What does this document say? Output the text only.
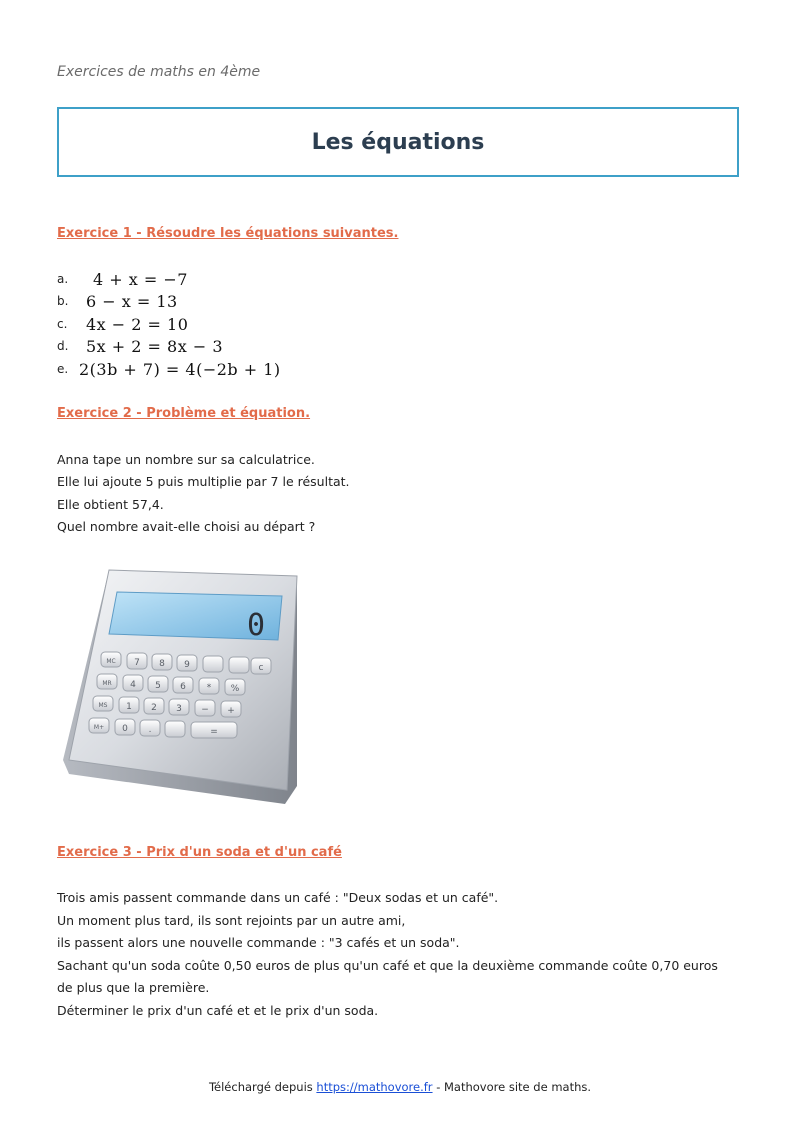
Exercices de maths en 4ème
Les équations
Exercice 1 - Résoudre les équations suivantes.
a.	4 + x = −7
b.	6 − x = 13
c.	4x − 2 = 10
d.	5x + 2 = 8x − 3
e. 2(3b + 7) = 4(−2b + 1)
Exercice 2 - Problème et équation.
Anna tape un nombre sur sa calculatrice.
Elle lui ajoute 5 puis multiplie par 7 le résultat.
Elle obtient 57,4.
Quel nombre avait-elle choisi au départ ?
0
MC 7 8 9
MR 4 5 6 * %
MS 1 2 3 −
M+ 0 .	=
+
c
Exercice 3 - Prix d'un soda et d'un café
Trois amis passent commande dans un café : "Deux sodas et un café".
Un moment plus tard, ils sont rejoints par un autre ami,
ils passent alors une nouvelle commande : "3 cafés et un soda".
Sachant qu'un soda coûte 0,50 euros de plus qu'un café et que la deuxième commande coûte 0,70 euros
de plus que la première.
Déterminer le prix d'un café et et le prix d'un soda.
Téléchargé depuis https://mathovore.fr - Mathovore site de maths.
